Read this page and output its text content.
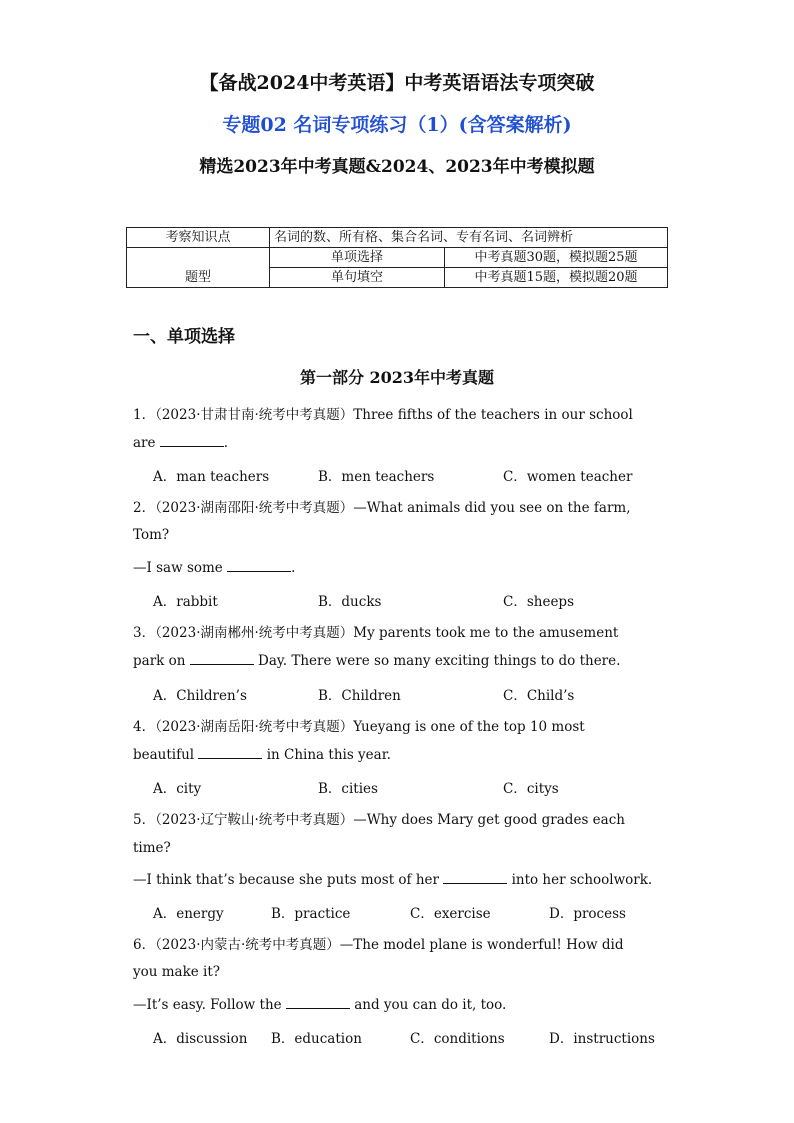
【备战2024中考英语】中考英语语法专项突破
专题02 名词专项练习（1）(含答案解析)
精选2023年中考真题&2024、2023年中考模拟题
考察知识点	名词的数、所有格、集合名词、专有名词、名词辨析	
题型	单项选择	中考真题30题，模拟题25题
	单句填空	中考真题15题，模拟题20题
一、单项选择
第一部分 2023年中考真题
1．（2023·甘肃甘南·统考中考真题）Three fifths of the teachers in our school
are	.
A．man teachers	B．men teachers	C．women teacher
2．（2023·湖南邵阳·统考中考真题）—What animals did you see on the farm,
Tom?
—I saw some	.
A．rabbit	B．ducks	C．sheeps
3．（2023·湖南郴州·统考中考真题）My parents took me to the amusement
park on	Day. There were so many exciting things to do there.
A．Children’s	B．Children	C．Child’s
4．（2023·湖南岳阳·统考中考真题）Yueyang is one of the top 10 most
beautiful	in China this year.
A．city	B．cities	C．citys
5．（2023·辽宁鞍山·统考中考真题）—Why does Mary get good grades each
time?
—I think that’s because she puts most of her	into her schoolwork.
A．energy	B．practice	C．exercise	D．process
6．（2023·内蒙古·统考中考真题）—The model plane is wonderful! How did
you make it?
—It’s easy. Follow the	and you can do it, too.
A．discussion B．education	C．conditions	D．instructions
